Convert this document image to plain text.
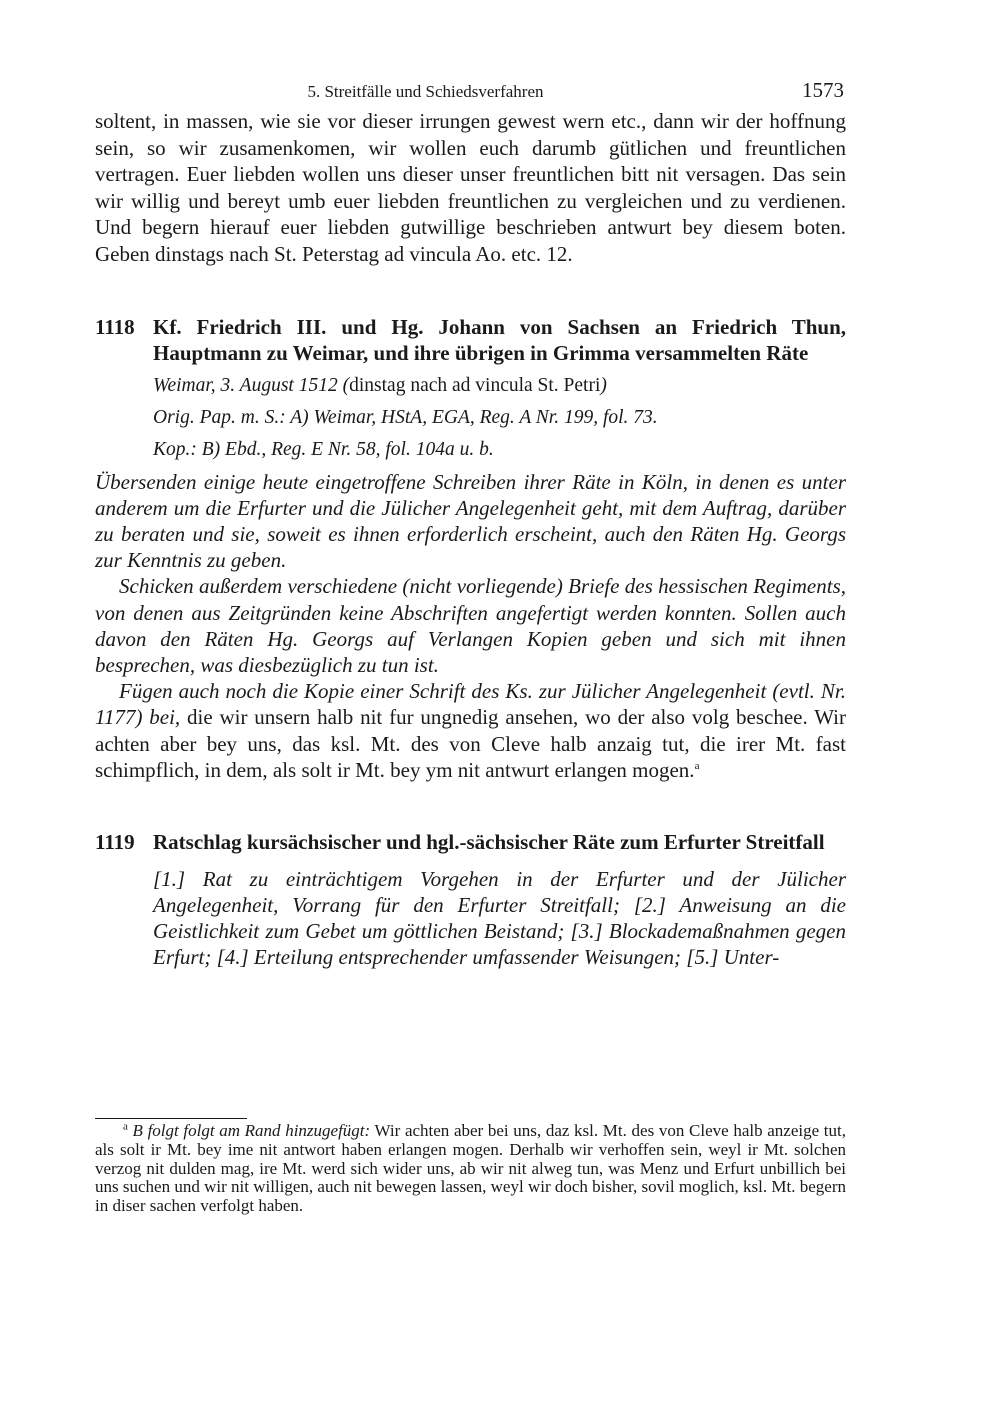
5. Streitfälle und Schiedsverfahren	1573

soltent, in massen, wie sie vor dieser irrungen gewest wern etc., dann wir der hoffnung sein, so wir zusamenkomen, wir wollen euch darumb gütlichen und freuntlichen vertragen. Euer liebden wollen uns dieser unser freuntlichen bitt nit versagen. Das sein wir willig und bereyt umb euer liebden freuntlichen zu vergleichen und zu verdienen. Und begern hierauf euer liebden gutwillige beschrieben antwurt bey diesem boten. Geben dinstags nach St. Peterstag ad vincula Ao. etc. 12.

1118 Kf. Friedrich III. und Hg. Johann von Sachsen an Friedrich Thun, Hauptmann zu Weimar, und ihre übrigen in Grimma versammelten Räte

Weimar, 3. August 1512 (dinstag nach ad vincula St. Petri)

Orig. Pap. m. S.: A) Weimar, HStA, EGA, Reg. A Nr. 199, fol. 73.

Kop.: B) Ebd., Reg. E Nr. 58, fol. 104a u. b.

Übersenden einige heute eingetroffene Schreiben ihrer Räte in Köln, in denen es unter anderem um die Erfurter und die Jülicher Angelegenheit geht, mit dem Auftrag, darüber zu beraten und sie, soweit es ihnen erforderlich erscheint, auch den Räten Hg. Georgs zur Kenntnis zu geben.

Schicken außerdem verschiedene (nicht vorliegende) Briefe des hessischen Regiments, von denen aus Zeitgründen keine Abschriften angefertigt werden konnten. Sollen auch davon den Räten Hg. Georgs auf Verlangen Kopien geben und sich mit ihnen besprechen, was diesbezüglich zu tun ist.

Fügen auch noch die Kopie einer Schrift des Ks. zur Jülicher Angelegenheit (evtl. Nr. 1177) bei, die wir unsern halb nit fur ungnedig ansehen, wo der also volg beschee. Wir achten aber bey uns, das ksl. Mt. des von Cleve halb anzaig tut, die irer Mt. fast schimpflich, in dem, als solt ir Mt. bey ym nit antwurt erlangen mogen.$^a$

1119 Ratschlag kursächsischer und hgl.-sächsischer Räte zum Erfurter Streitfall
[1.] Rat zu einträchtigem Vorgehen in der Erfurter und der Jülicher Angelegenheit, Vorrang für den Erfurter Streitfall; [2.] Anweisung an die Geistlichkeit zum Gebet um göttlichen Beistand; [3.] Blockademaßnahmen gegen Erfurt; [4.] Erteilung entsprechender umfassender Weisungen; [5.] Unter-

$^a$ B folgt folgt am Rand hinzugefügt: Wir achten aber bei uns, daz ksl. Mt. des von Cleve halb anzeige tut, als solt ir Mt. bey ime nit antwort haben erlangen mogen. Derhalb wir verhoffen sein, weyl ir Mt. solchen verzog nit dulden mag, ire Mt. werd sich wider uns, ab wir nit alweg tun, was Menz und Erfurt unbillich bei uns suchen und wir nit willigen, auch nit bewegen lassen, weyl wir doch bisher, sovil moglich, ksl. Mt. begern in diser sachen verfolgt haben.
